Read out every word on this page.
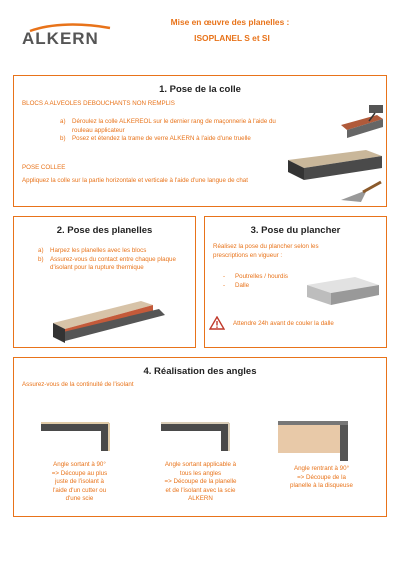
ALKERN
Mise en œuvre des planelles :
ISOPLANEL S et SI
1. Pose de la colle
BLOCS A ALVEOLES DEBOUCHANTS NON REMPLIS
a) Déroulez la colle ALKEREOL sur le dernier rang de maçonnerie à l'aide du rouleau applicateur
b) Posez et étendez la trame de verre ALKERN à l'aide d'une truelle
POSE COLLEE
Appliquez la colle sur la partie horizontale et verticale à l'aide d'une langue de chat
2. Pose des planelles
a) Harpez les planelles avec les blocs
b) Assurez-vous du contact entre chaque plaque d'isolant pour la rupture thermique
3. Pose du plancher
Réalisez la pose du plancher selon les prescriptions en vigueur :
- Poutrelles / hourdis
- Dalle
Attendre 24h avant de couler la dalle
4. Réalisation des angles
Assurez-vous de la continuité de l'isolant
Angle sortant à 90°
=> Découpe au plus
juste de l'isolant à
l'aide d'un cutter ou
d'une scie
Angle sortant applicable à
tous les angles
=> Découpe de la planelle
et de l'isolant avec la scie
ALKERN
Angle rentrant à 90°
=> Découpe de la
planelle à la disqueuse
